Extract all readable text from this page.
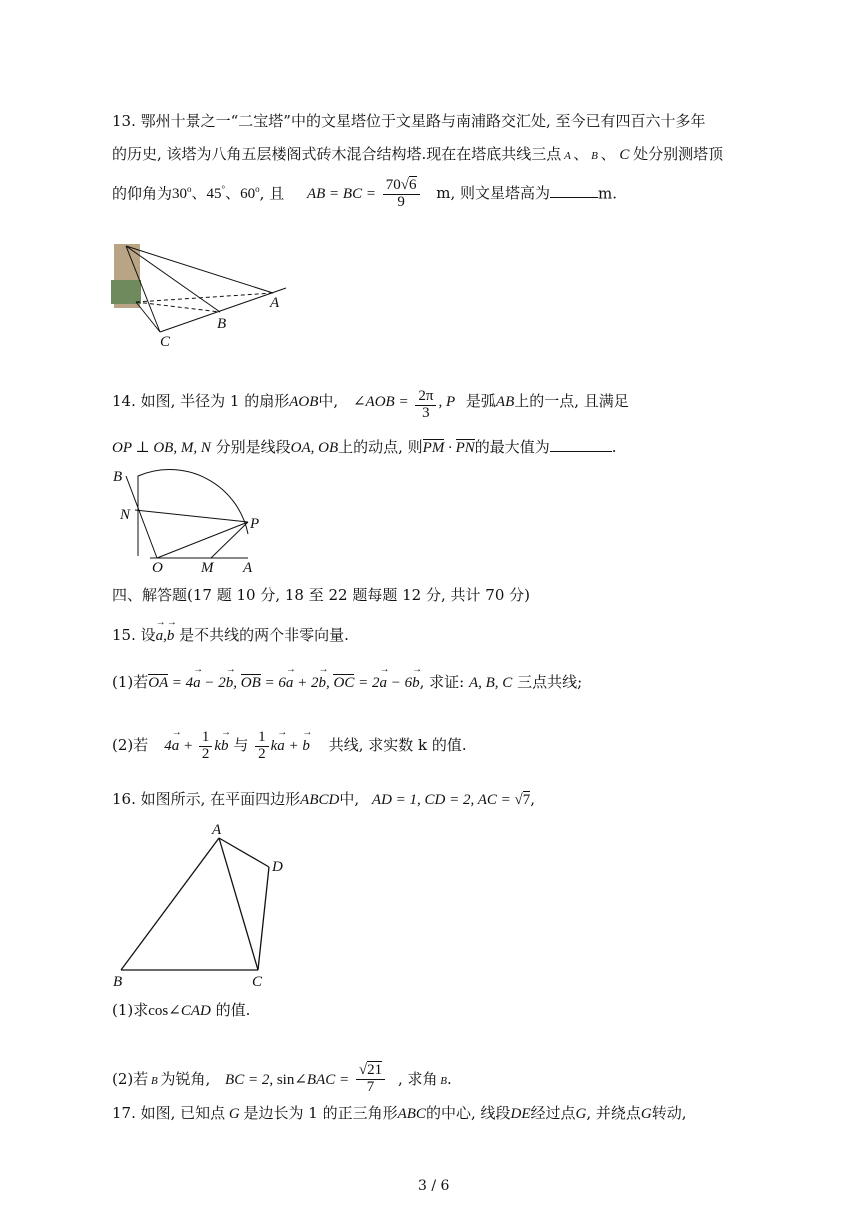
13. 鄂州十景之一“二宝塔”中的文星塔位于文星路与南浦路交汇处, 至今已有四百六十多年
的历史, 该塔为八角五层楼阁式砖木混合结构塔.现在在塔底共线三点 A 、 B 、 C 处分别测塔顶
的仰角为30$^o$、45°、60$^o$, 且 AB = BC = $\frac{70√6}{9} m$, 则文星塔高为	m.
A
B
C
14. 如图, 半径为 1 的扇形AOB中, ∠AOB = $\frac{2\pi}{3}$ , P 是弧AB上的一点, 且满足
OP ⊥ OB, M, N 分别是线段OA, OB上的动点, 则PM · PN的最大值为	.
B
N
P
O	M A
四、解答题(17 题 10 分, 18 至 22 题每题 12 分, 共计 70 分)
15. 设→ a,→ b 是不共线的两个非零向量.
(1)若OA = 4→ a − 2→ b, OB = 6→ a + 2→ b, OC = 2→ a − 6→ b, 求证: A, B, C 三点共线;
(2)若 $4\to a + \frac{1}{2} k\to b$ 与 $\frac{1}{2} k\to a$ + → b 共线, 求实数 k 的值.
16. 如图所示, 在平面四边形ABCD中, AD = 1, CD = 2, AC = √7,
A
D
B	C
(1)求cos∠CAD 的值.
(2)若 B 为锐角, BC = 2, sin∠BAC = $\frac{√21}{7}$ , 求角 B.
17. 如图, 已知点 G 是边长为 1 的正三角形ABC的中心, 线段DE经过点G, 并绕点G转动,
3 / 6
